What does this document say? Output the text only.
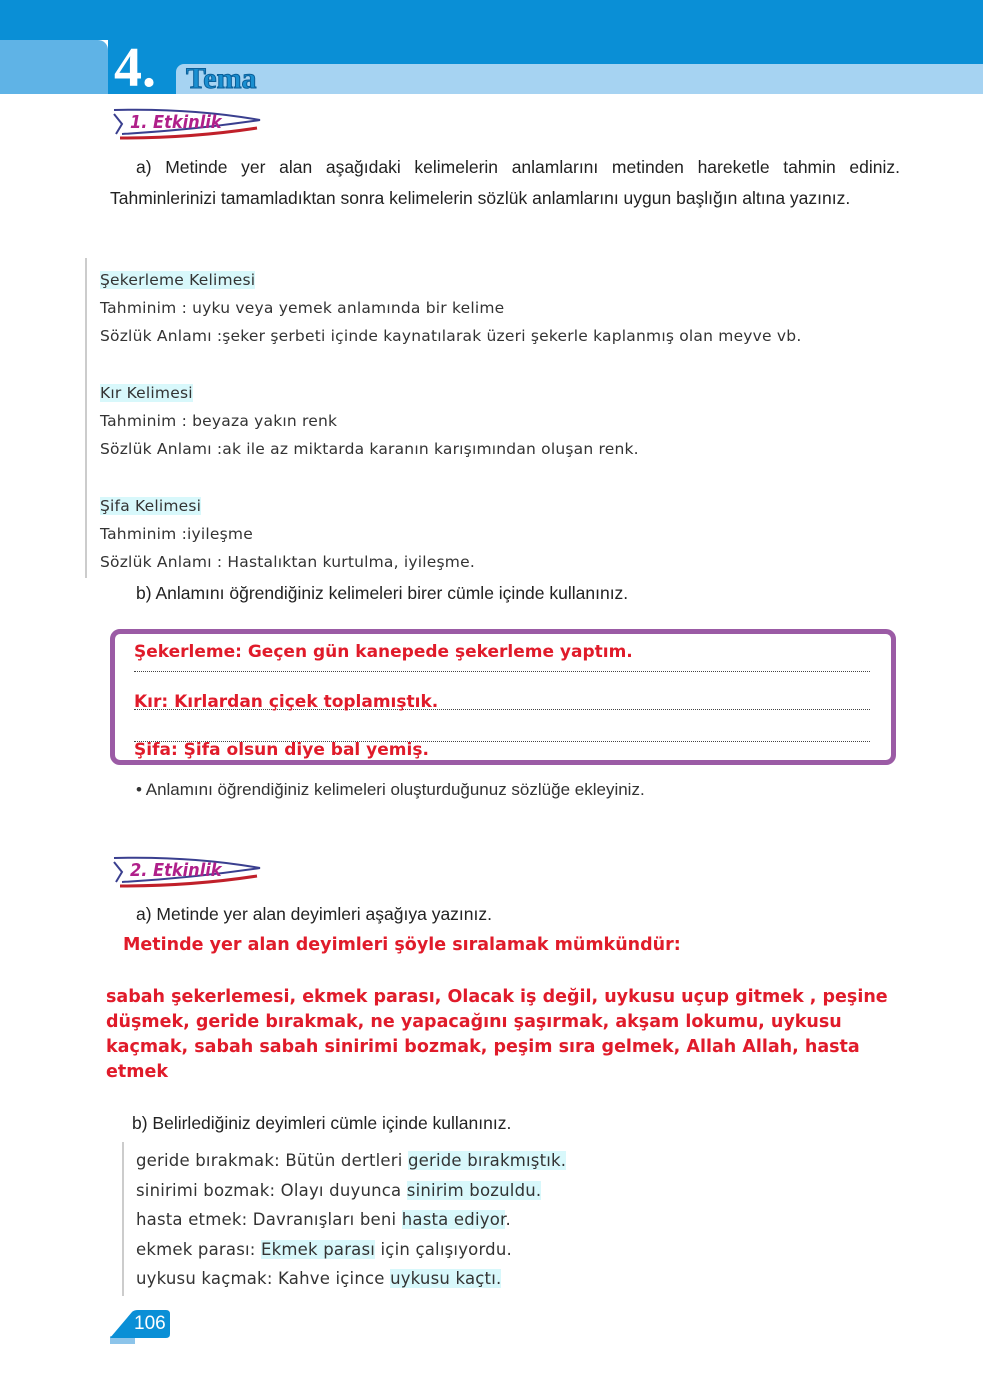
4. Tema
1. Etkinlik
a) Metinde yer alan aşağıdaki kelimelerin anlamlarını metinden hareketle tahmin ediniz. Tahminlerinizi tamamladıktan sonra kelimelerin sözlük anlamlarını uygun başlığın altına yazınız.
Şekerleme Kelimesi
Tahminim : uyku veya yemek anlamında bir kelime
Sözlük Anlamı :şeker şerbeti içinde kaynatılarak üzeri şekerle kaplanmış olan meyve vb.
Kır Kelimesi
Tahminim : beyaza yakın renk
Sözlük Anlamı :ak ile az miktarda karanın karışımından oluşan renk.
Şifa Kelimesi
Tahminim :iyileşme
Sözlük Anlamı : Hastalıktan kurtulma, iyileşme.
b) Anlamını öğrendiğiniz kelimeleri birer cümle içinde kullanınız.
Şekerleme: Geçen gün kanepede şekerleme yaptım.
Kır: Kırlardan çiçek toplamıştık.
Şifa: Şifa olsun diye bal yemiş.
• Anlamını öğrendiğiniz kelimeleri oluşturduğunuz sözlüğe ekleyiniz.
2. Etkinlik
a) Metinde yer alan deyimleri aşağıya yazınız.
Metinde yer alan deyimleri şöyle sıralamak mümkündür:
sabah şekerlemesi, ekmek parası, Olacak iş değil, uykusu uçup gitmek , peşine düşmek, geride bırakmak, ne yapacağını şaşırmak, akşam lokumu, uykusu kaçmak, sabah sabah sinirimi bozmak, peşim sıra gelmek, Allah Allah, hasta etmek
b) Belirlediğiniz deyimleri cümle içinde kullanınız.
geride bırakmak: Bütün dertleri geride bırakmıştık.
sinirimi bozmak: Olayı duyunca sinirim bozuldu.
hasta etmek: Davranışları beni hasta ediyor.
ekmek parası: Ekmek parası için çalışıyordu.
uykusu kaçmak: Kahve içince uykusu kaçtı.
106
